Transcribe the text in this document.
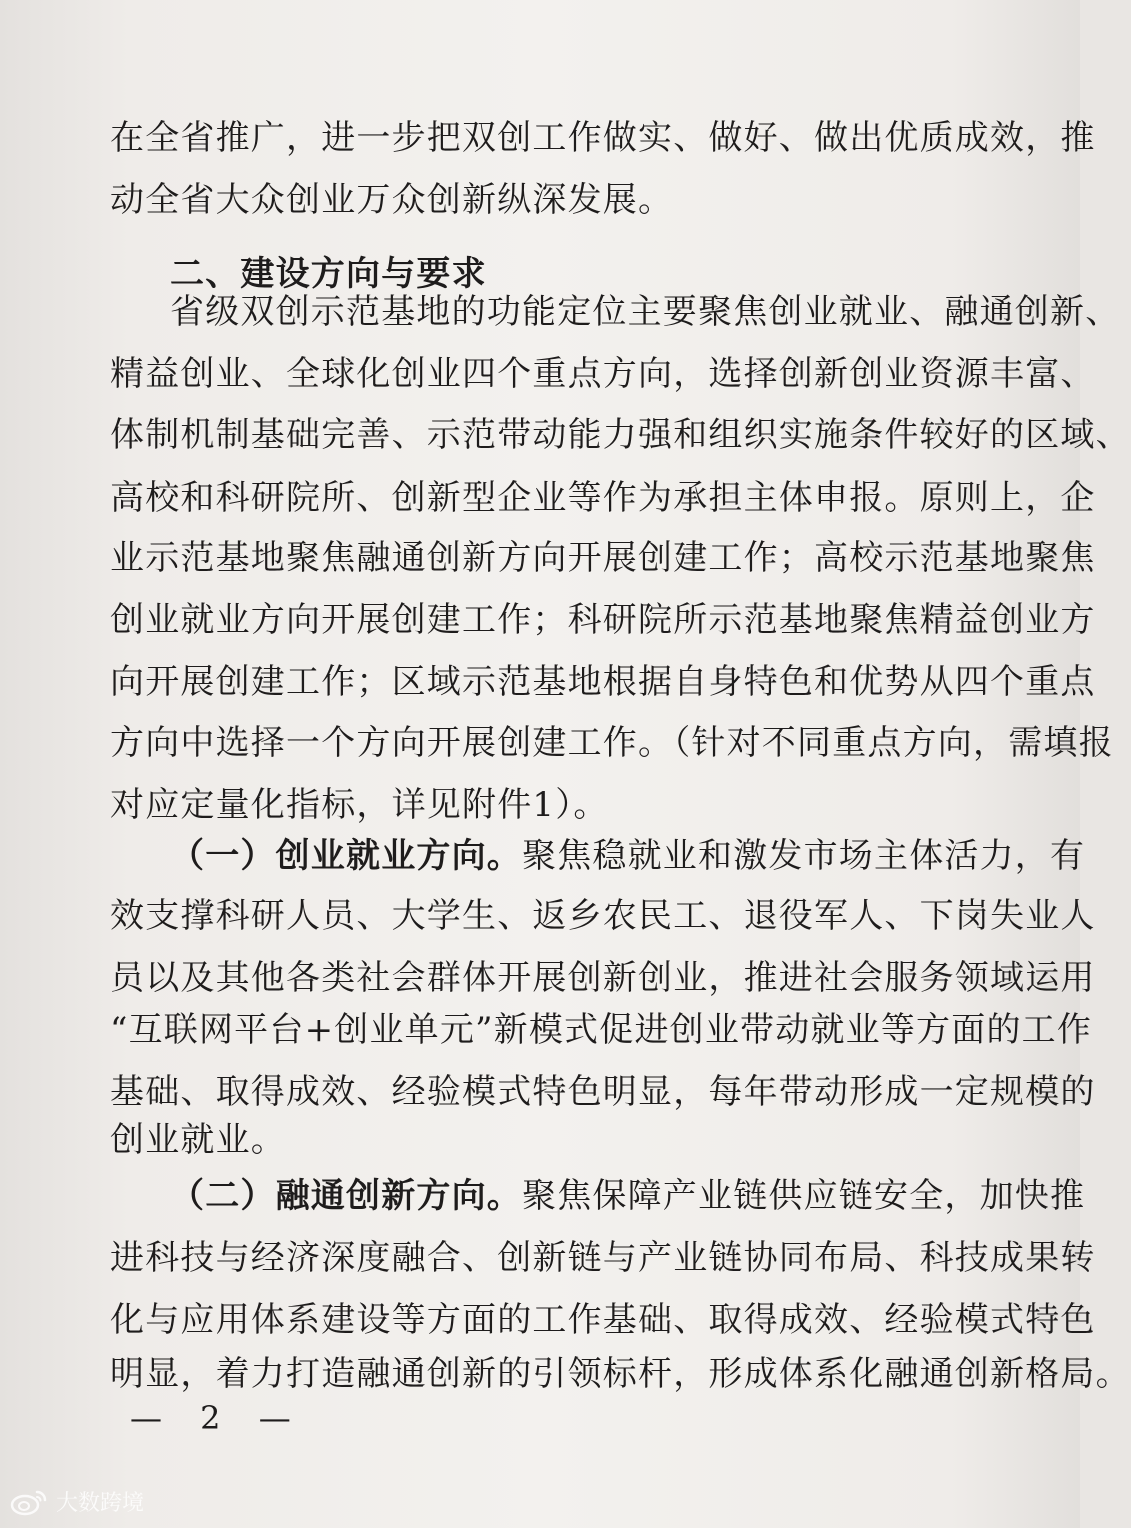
在全省推广，进一步把双创工作做实、做好、做出优质成效，推
动全省大众创业万众创新纵深发展。
二、建设方向与要求
省级双创示范基地的功能定位主要聚焦创业就业、融通创新、
精益创业、全球化创业四个重点方向，选择创新创业资源丰富、
体制机制基础完善、示范带动能力强和组织实施条件较好的区域、
高校和科研院所、创新型企业等作为承担主体申报。原则上，企
业示范基地聚焦融通创新方向开展创建工作；高校示范基地聚焦
创业就业方向开展创建工作；科研院所示范基地聚焦精益创业方
向开展创建工作；区域示范基地根据自身特色和优势从四个重点
方向中选择一个方向开展创建工作。（针对不同重点方向，需填报
对应定量化指标，详见附件1）。
（一）创业就业方向。聚焦稳就业和激发市场主体活力，有
效支撑科研人员、大学生、返乡农民工、退役军人、下岗失业人
员以及其他各类社会群体开展创新创业，推进社会服务领域运用
“互联网平台+创业单元”新模式促进创业带动就业等方面的工作
基础、取得成效、经验模式特色明显，每年带动形成一定规模的
创业就业。
（二）融通创新方向。聚焦保障产业链供应链安全，加快推
进科技与经济深度融合、创新链与产业链协同布局、科技成果转
化与应用体系建设等方面的工作基础、取得成效、经验模式特色
明显，着力打造融通创新的引领标杆，形成体系化融通创新格局。
— 2 —
大数跨境
